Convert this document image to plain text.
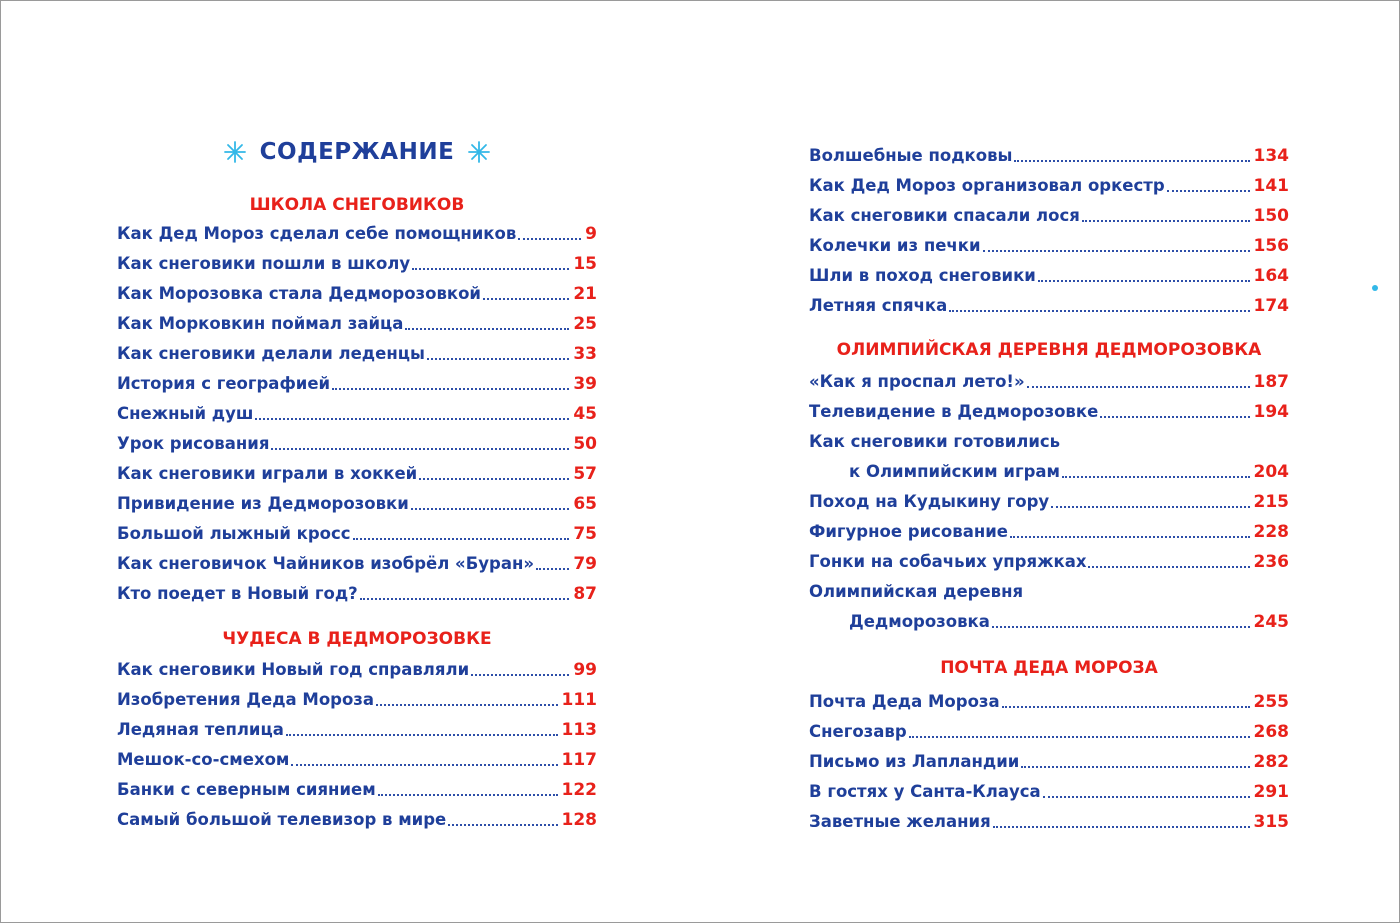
СОДЕРЖАНИЕ
ШКОЛА СНЕГОВИКОВ
Как Дед Мороз сделал себе помощников	9
Как снеговики пошли в школу	15
Как Морозовка стала Дедморозовкой	21
Как Морковкин поймал зайца	25
Как снеговики делали леденцы	33
История с географией	39
Снежный душ	45
Урок рисования	50
Как снеговики играли в хоккей	57
Привидение из Дедморозовки	65
Большой лыжный кросс	75
Как снеговичок Чайников изобрёл «Буран» 79
Кто поедет в Новый год?	87
ЧУДЕСА В ДЕДМОРОЗОВКЕ
Как снеговики Новый год справляли	99
Изобретения Деда Мороза	111
Ледяная теплица	113
Мешок-со-смехом	117
Банки с северным сиянием	122
Самый большой телевизор в мире	128
Волшебные подковы	134
Как Дед Мороз организовал оркестр	141
Как снеговики спасали лося	150
Колечки из печки	156
Шли в поход снеговики	164
Летняя спячка	174
ОЛИМПИЙСКАЯ ДЕРЕВНЯ ДЕДМОРОЗОВКА
«Как я проспал лето!»	187
Телевидение в Дедморозовке	194
Как снеговики готовились
к Олимпийским играм	204
Поход на Кудыкину гору	215
Фигурное рисование	228
Гонки на собачьих упряжках	236
Олимпийская деревня
Дедморозовка	245
ПОЧТА ДЕДА МОРОЗА
Почта Деда Мороза	255
Снегозавр	268
Письмо из Лапландии	282
В гостях у Санта-Клауса	291
Заветные желания	315
